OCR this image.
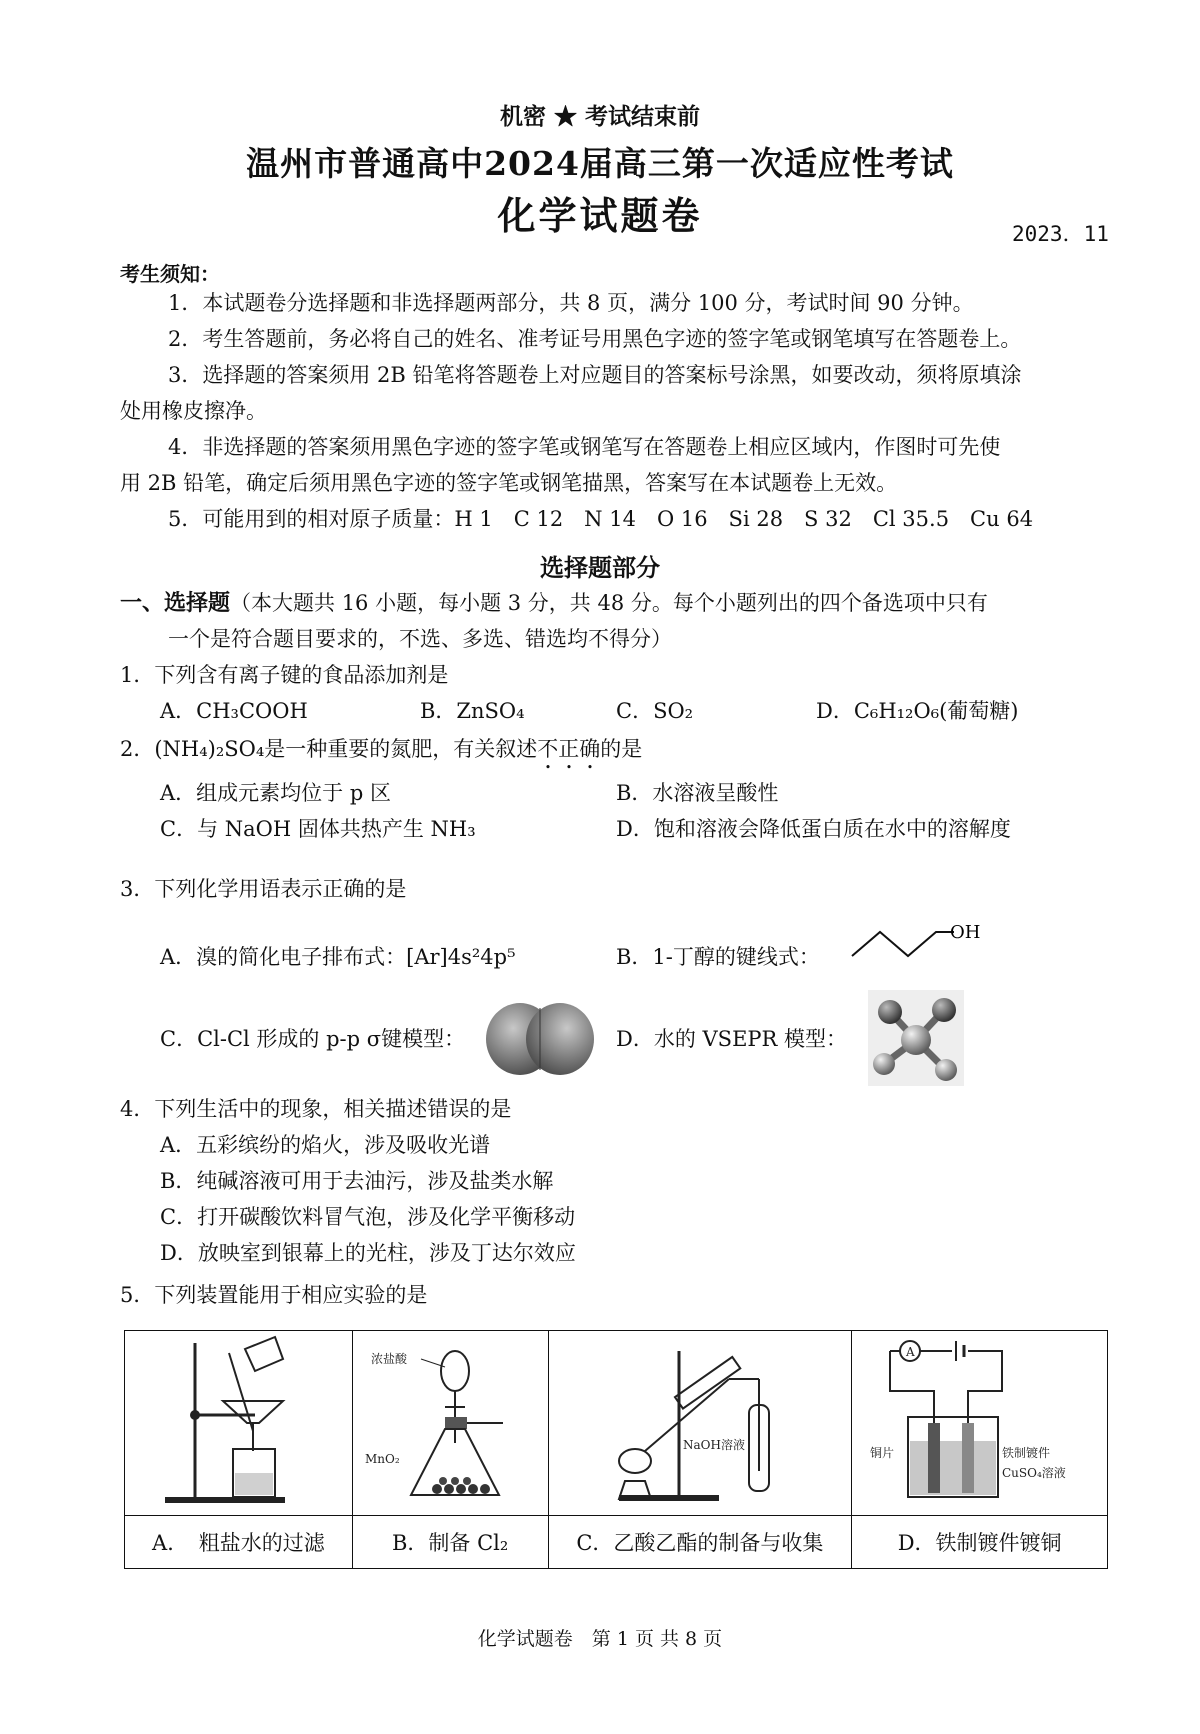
机密 ★ 考试结束前
温州市普通高中2024届高三第一次适应性考试
化学试题卷	2023．11
考生须知：
1．本试题卷分选择题和非选择题两部分，共 8 页，满分 100 分，考试时间 90 分钟。
2．考生答题前，务必将自己的姓名、准考证号用黑色字迹的签字笔或钢笔填写在答题卷上。
3．选择题的答案须用 2B 铅笔将答题卷上对应题目的答案标号涂黑，如要改动，须将原填涂
处用橡皮擦净。
4．非选择题的答案须用黑色字迹的签字笔或钢笔写在答题卷上相应区域内，作图时可先使
用 2B 铅笔，确定后须用黑色字迹的签字笔或钢笔描黑，答案写在本试题卷上无效。
5．可能用到的相对原子质量：H 1　C 12　N 14　O 16　Si 28　S 32　Cl 35.5　Cu 64
选择题部分
一、选择题（本大题共 16 小题，每小题 3 分，共 48 分。每个小题列出的四个备选项中只有
一个是符合题目要求的，不选、多选、错选均不得分）
1．下列含有离子键的食品添加剂是
A．CH₃COOH	B．ZnSO₄	C．SO₂	D．C₆H₁₂O₆(葡萄糖)
2．(NH₄)₂SO₄是一种重要的氮肥，有关叙述不正确的是
A．组成元素均位于 p 区	B．水溶液呈酸性
C．与 NaOH 固体共热产生 NH₃	D．饱和溶液会降低蛋白质在水中的溶解度
3．下列化学用语表示正确的是
A．溴的简化电子排布式：[Ar]4s²4p⁵	B．1-丁醇的键线式：
OH
C．Cl-Cl 形成的 p-p σ键模型：	D．水的 VSEPR 模型：
4．下列生活中的现象，相关描述错误的是
A．五彩缤纷的焰火，涉及吸收光谱
B．纯碱溶液可用于去油污，涉及盐类水解
C．打开碳酸饮料冒气泡，涉及化学平衡移动
D．放映室到银幕上的光柱，涉及丁达尔效应
5．下列装置能用于相应实验的是

浓盐酸
MnO₂	NaOH溶液	A
铜片 铁制镀件
CuSO₄溶液

A．　粗盐水的过滤	B．制备 Cl₂	C．乙酸乙酯的制备与收集	D．铁制镀件镀铜
化学试题卷　第 1 页 共 8 页
